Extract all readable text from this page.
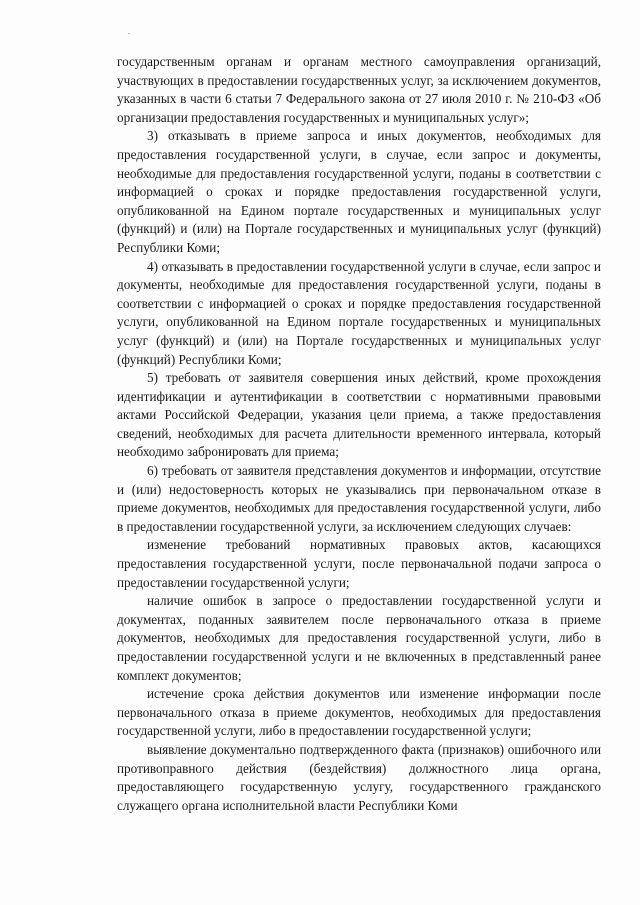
государственным органам и органам местного самоуправления организаций, участвующих в предоставлении государственных услуг, за исключением документов, указанных в части 6 статьи 7 Федерального закона от 27 июля 2010 г. № 210-ФЗ «Об организации предоставления государственных и муниципальных услуг»;

3) отказывать в приеме запроса и иных документов, необходимых для предоставления государственной услуги, в случае, если запрос и документы, необходимые для предоставления государственной услуги, поданы в соответствии с информацией о сроках и порядке предоставления государственной услуги, опубликованной на Едином портале государственных и муниципальных услуг (функций) и (или) на Портале государственных и муниципальных услуг (функций) Республики Коми;

4) отказывать в предоставлении государственной услуги в случае, если запрос и документы, необходимые для предоставления государственной услуги, поданы в соответствии с информацией о сроках и порядке предоставления государственной услуги, опубликованной на Едином портале государственных и муниципальных услуг (функций) и (или) на Портале государственных и муниципальных услуг (функций) Республики Коми;

5) требовать от заявителя совершения иных действий, кроме прохождения идентификации и аутентификации в соответствии с нормативными правовыми актами Российской Федерации, указания цели приема, а также предоставления сведений, необходимых для расчета длительности временного интервала, который необходимо забронировать для приема;

6) требовать от заявителя представления документов и информации, отсутствие и (или) недостоверность которых не указывались при первоначальном отказе в приеме документов, необходимых для предоставления государственной услуги, либо в предоставлении государственной услуги, за исключением следующих случаев:

изменение требований нормативных правовых актов, касающихся предоставления государственной услуги, после первоначальной подачи запроса о предоставлении государственной услуги;

наличие ошибок в запросе о предоставлении государственной услуги и документах, поданных заявителем после первоначального отказа в приеме документов, необходимых для предоставления государственной услуги, либо в предоставлении государственной услуги и не включенных в представленный ранее комплект документов;

истечение срока действия документов или изменение информации после первоначального отказа в приеме документов, необходимых для предоставления государственной услуги, либо в предоставлении государственной услуги;

выявление документально подтвержденного факта (признаков) ошибочного или противоправного действия (бездействия) должностного лица органа, предоставляющего государственную услугу, государственного гражданского служащего органа исполнительной власти Республики Коми
